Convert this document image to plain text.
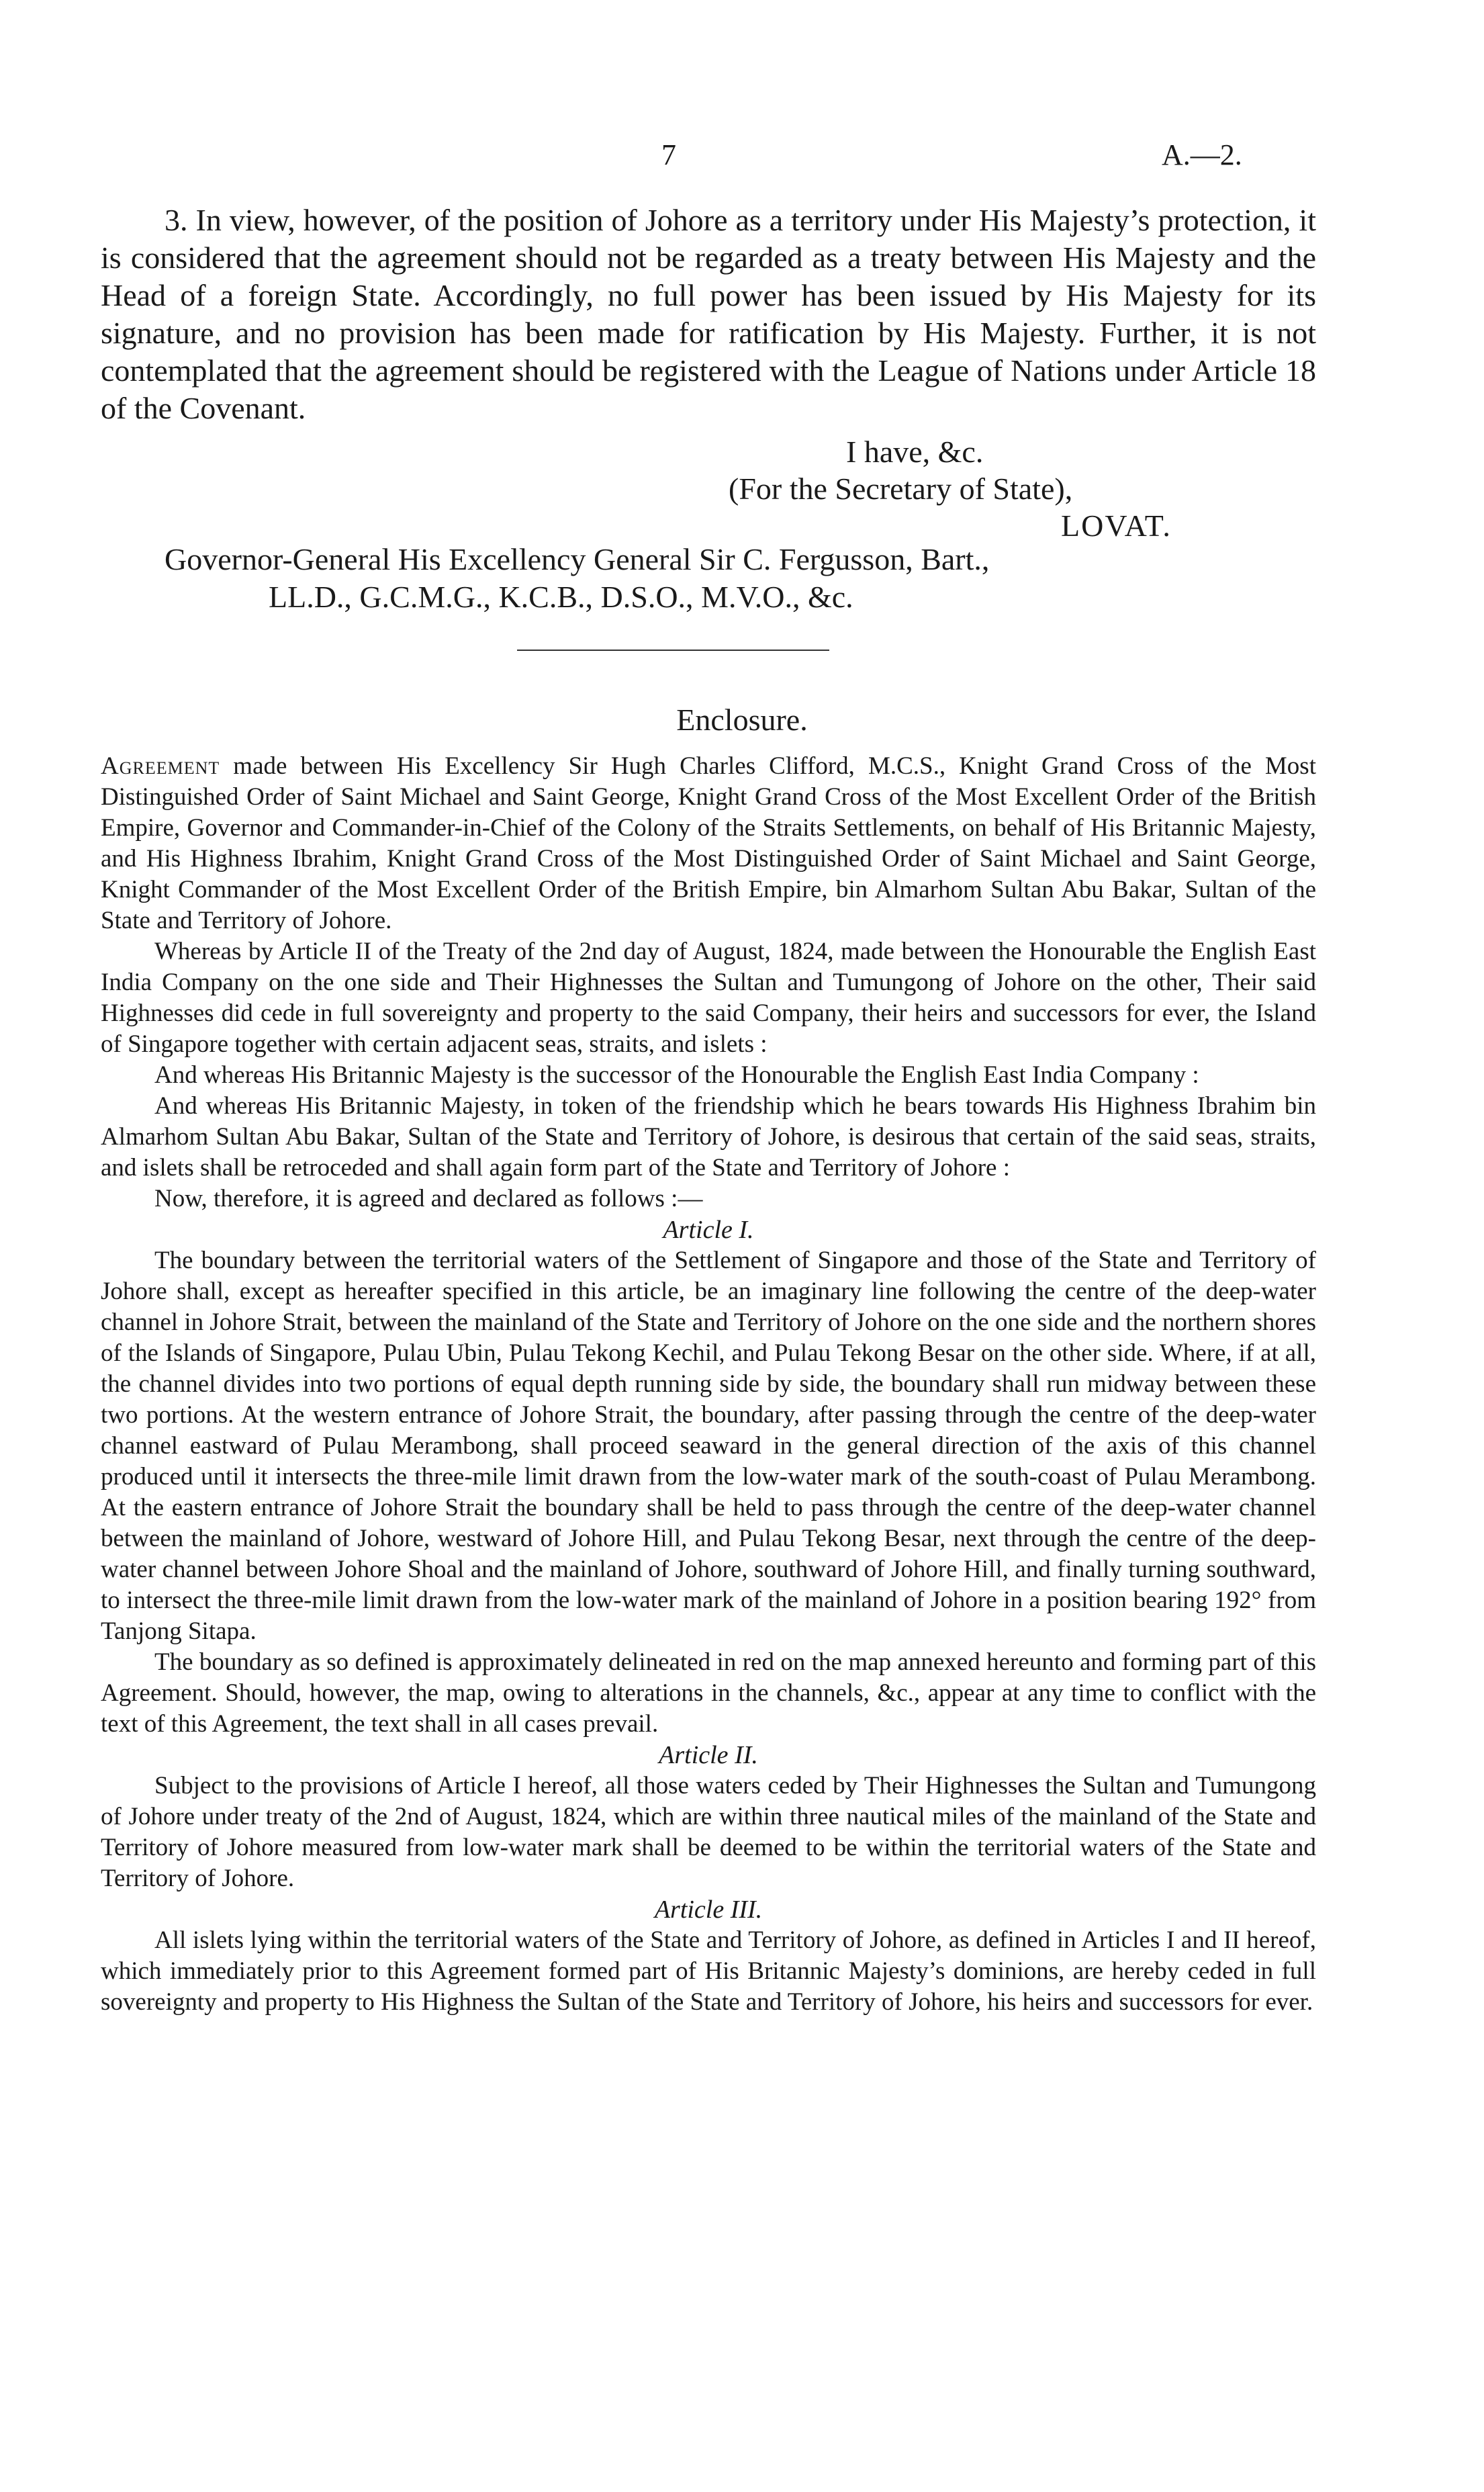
7	A.—2.

3. In view, however, of the position of Johore as a territory under His Majesty’s protection, it is considered that the agreement should not be regarded as a treaty between His Majesty and the Head of a foreign State. Accordingly, no full power has been issued by His Majesty for its signature, and no provision has been made for ratification by His Majesty. Further, it is not contemplated that the agreement should be registered with the League of Nations under Article 18 of the Covenant.

I have, &c.
(For the Secretary of State),
LOVAT.
Governor-General His Excellency General Sir C. Fergusson, Bart.,
LL.D., G.C.M.G., K.C.B., D.S.O., M.V.O., &c.
Enclosure.

Agreement made between His Excellency Sir Hugh Charles Clifford, M.C.S., Knight Grand Cross of the Most Distinguished Order of Saint Michael and Saint George, Knight Grand Cross of the Most Excellent Order of the British Empire, Governor and Commander-in-Chief of the Colony of the Straits Settlements, on behalf of His Britannic Majesty, and His Highness Ibrahim, Knight Grand Cross of the Most Distinguished Order of Saint Michael and Saint George, Knight Commander of the Most Excellent Order of the British Empire, bin Almarhom Sultan Abu Bakar, Sultan of the State and Territory of Johore.

Whereas by Article II of the Treaty of the 2nd day of August, 1824, made between the Honourable the English East India Company on the one side and Their Highnesses the Sultan and Tumungong of Johore on the other, Their said Highnesses did cede in full sovereignty and property to the said Company, their heirs and successors for ever, the Island of Singapore together with certain adjacent seas, straits, and islets :

And whereas His Britannic Majesty is the successor of the Honourable the English East India Company :

And whereas His Britannic Majesty, in token of the friendship which he bears towards His Highness Ibrahim bin Almarhom Sultan Abu Bakar, Sultan of the State and Territory of Johore, is desirous that certain of the said seas, straits, and islets shall be retroceded and shall again form part of the State and Territory of Johore :

Now, therefore, it is agreed and declared as follows :—

Article I.

The boundary between the territorial waters of the Settlement of Singapore and those of the State and Territory of Johore shall, except as hereafter specified in this article, be an imaginary line following the centre of the deep-water channel in Johore Strait, between the mainland of the State and Territory of Johore on the one side and the northern shores of the Islands of Singapore, Pulau Ubin, Pulau Tekong Kechil, and Pulau Tekong Besar on the other side. Where, if at all, the channel divides into two portions of equal depth running side by side, the boundary shall run midway between these two portions. At the western entrance of Johore Strait, the boundary, after passing through the centre of the deep-water channel eastward of Pulau Merambong, shall proceed seaward in the general direction of the axis of this channel produced until it intersects the three-mile limit drawn from the low-water mark of the south-coast of Pulau Merambong. At the eastern entrance of Johore Strait the boundary shall be held to pass through the centre of the deep-water channel between the mainland of Johore, westward of Johore Hill, and Pulau Tekong Besar, next through the centre of the deep-water channel between Johore Shoal and the mainland of Johore, southward of Johore Hill, and finally turning southward, to intersect the three-mile limit drawn from the low-water mark of the mainland of Johore in a position bearing 192° from Tanjong Sitapa.

The boundary as so defined is approximately delineated in red on the map annexed hereunto and forming part of this Agreement. Should, however, the map, owing to alterations in the channels, &c., appear at any time to conflict with the text of this Agreement, the text shall in all cases prevail.

Article II.

Subject to the provisions of Article I hereof, all those waters ceded by Their Highnesses the Sultan and Tumungong of Johore under treaty of the 2nd of August, 1824, which are within three nautical miles of the mainland of the State and Territory of Johore measured from low-water mark shall be deemed to be within the territorial waters of the State and Territory of Johore.

Article III.

All islets lying within the territorial waters of the State and Territory of Johore, as defined in Articles I and II hereof, which immediately prior to this Agreement formed part of His Britannic Majesty’s dominions, are hereby ceded in full sovereignty and property to His Highness the Sultan of the State and Territory of Johore, his heirs and successors for ever.
